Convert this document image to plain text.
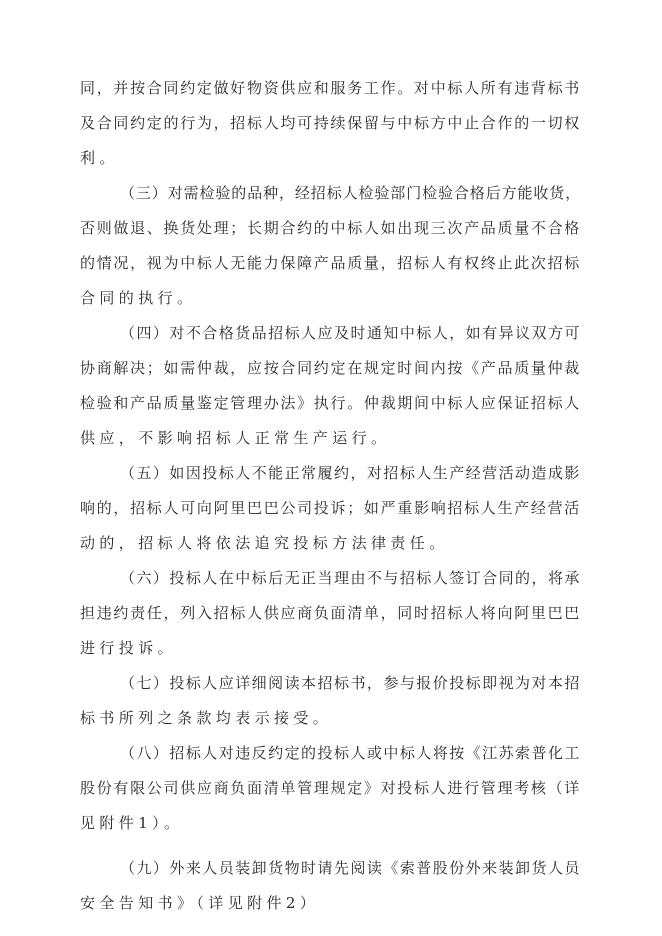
同，并按合同约定做好物资供应和服务工作。对中标人所有违背标书
及合同约定的行为，招标人均可持续保留与中标方中止合作的一切权
利。
（三）对需检验的品种，经招标人检验部门检验合格后方能收货，
否则做退、换货处理；长期合约的中标人如出现三次产品质量不合格
的情况，视为中标人无能力保障产品质量，招标人有权终止此次招标
合同的执行。
（四）对不合格货品招标人应及时通知中标人，如有异议双方可
协商解决；如需仲裁，应按合同约定在规定时间内按《产品质量仲裁
检验和产品质量鉴定管理办法》执行。仲裁期间中标人应保证招标人
供应，不影响招标人正常生产运行。
（五）如因投标人不能正常履约，对招标人生产经营活动造成影
响的，招标人可向阿里巴巴公司投诉；如严重影响招标人生产经营活
动的，招标人将依法追究投标方法律责任。
（六）投标人在中标后无正当理由不与招标人签订合同的，将承
担违约责任，列入招标人供应商负面清单，同时招标人将向阿里巴巴
进行投诉。
（七）投标人应详细阅读本招标书，参与报价投标即视为对本招
标书所列之条款均表示接受。
（八）招标人对违反约定的投标人或中标人将按《江苏索普化工
股份有限公司供应商负面清单管理规定》对投标人进行管理考核（详
见附件1）。
（九）外来人员装卸货物时请先阅读《索普股份外来装卸货人员
安全告知书》（详见附件2）
